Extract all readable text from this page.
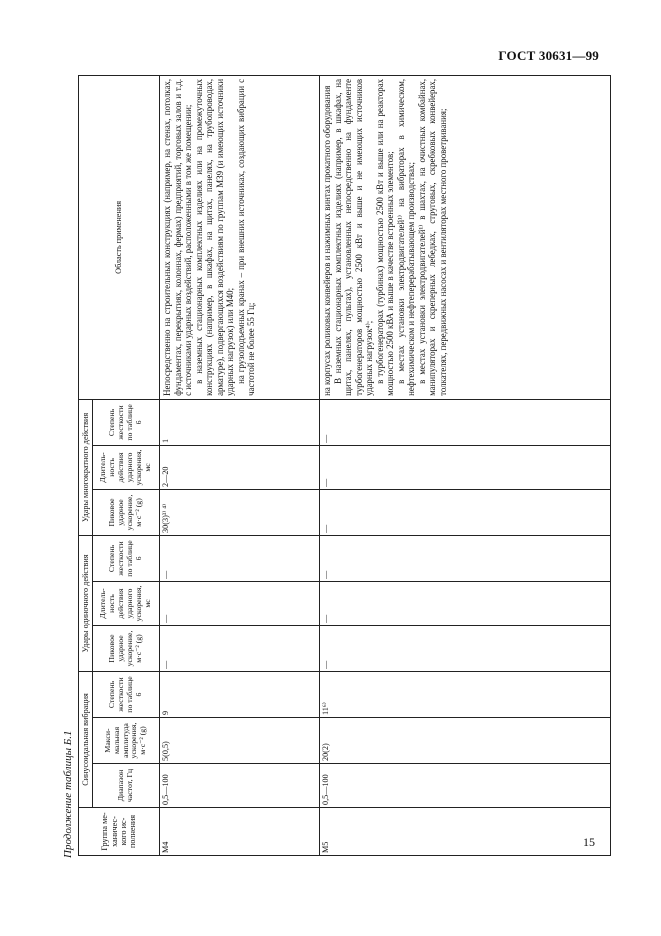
ГОСТ 30631—99
Продолжение таблицы Б.1	Группа ме-ханичес-кого ис-полнения	Синусоидальная вибрация			Удары одиночного действия			Удары многократного действия			Область применения
	Диапазон частот, Гц	Макси-мальная амплитуда ускорения, м·с⁻² (g)	Степень жесткости по таблице 6	Пиковое ударное ускорение, м·с⁻² (g)	Длитель-ность действия ударного ускорения, мс	Степень жесткости по таблице 6	Пиковое ударное ускорение, м·с⁻² (g)	Длитель-ность действия ударного ускорения, мс	Степень жесткости по таблице 6	
M4	0,5—100	5(0,5)	9	—	—	—	30(3)³⁾ ⁴⁾	2—20	1	Непосредственно на строительных конструкциях (например, на стенах, потолках, фундаментах, перекрытиях, колоннах, фермах) предприятий, торговых залов и т.д. с источниками ударных воздействий, расположенными в том же помещении; в наземных стационарных комплектных изделиях или на промежуточных конструкциях (например, в шкафах, на щитах, панелях, на трубопроводах, арматуре), подвергающихся воздействиям по группам М39 (и имеющих источники ударных нагрузок) или М40; на грузоподъемных кранах – при внешних источниках, создающих вибрации с частотой не более 55 Гц;

M5	0,5—100	20(2)	11⁶⁾	—	—	—	—	—	—	на корпусах роликовых конвейеров и нажимных винтах прокатного оборудования В наземных стационарных комплектных изделиях (например, в шкафах, на щитах, панелях, пультах), установленных непосредственно на фундаменте турбогенераторов мощностью 2500 кВт и выше и не имеющих источников ударных нагрузок⁴⁾; в турбогенераторах (турбинах) мощностью 2500 кВт и выше или на реакторах мощностью 2500 кВА и выше в качестве встроенных элементов; в местах установки электродвигателей¹⁾ на вибраторах в химическом, нефтехимическом и нефтеперерабатывающем производствах; в местах установки электродвигателей¹⁾ в шахтах, на очистных комбайнах, манипуляторах и скреперных лебедках, струговых, скребковых конвейерах, толкателях, передвижных насосах и вентиляторах местного проветривания;

15
